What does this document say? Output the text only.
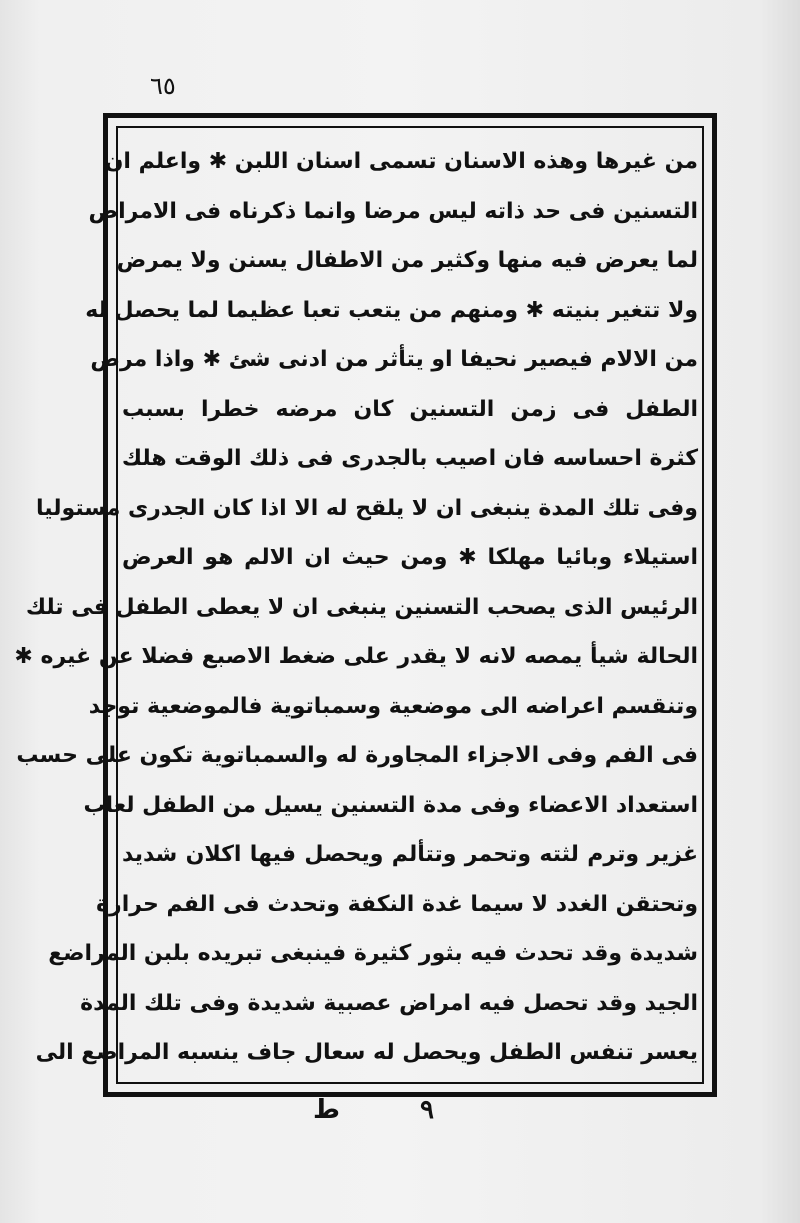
٦٥
من غيرها وهذه الاسنان تسمى اسنان اللبن ✱ واعلم ان
التسنين فى حد ذاته ليس مرضا وانما ذكرناه فى الامراض
لما يعرض فيه منها وكثير من الاطفال يسنن ولا يمرض
ولا تتغير بنيته ✱ ومنهم من يتعب تعبا عظيما لما يحصل له
من الالام فيصير نحيفا او يتأثر من ادنى شئ ✱ واذا مرض
الطفل فى زمن التسنين كان مرضه خطرا بسبب
كثرة احساسه فان اصيب بالجدرى فى ذلك الوقت هلك
وفى تلك المدة ينبغى ان لا يلقح له الا اذا كان الجدرى مستوليا
استيلاء وبائيا مهلكا ✱ ومن حيث ان الالم هو العرض
الرئيس الذى يصحب التسنين ينبغى ان لا يعطى الطفل فى تلك
الحالة شيأ يمصه لانه لا يقدر على ضغط الاصبع فضلا عن غيره ✱
وتنقسم اعراضه الى موضعية وسمباتوية فالموضعية توجد
فى الفم وفى الاجزاء المجاورة له والسمباتوية تكون على حسب
استعداد الاعضاء وفى مدة التسنين يسيل من الطفل لعاب
غزير وترم لثته وتحمر وتتألم ويحصل فيها اكلان شديد
وتحتقن الغدد لا سيما غدة النكفة وتحدث فى الفم حرارة
شديدة وقد تحدث فيه بثور كثيرة فينبغى تبريده بلبن المراضع
الجيد وقد تحصل فيه امراض عصبية شديدة وفى تلك المدة
يعسر تنفس الطفل ويحصل له سعال جاف ينسبه المراضع الى
ط	٩
